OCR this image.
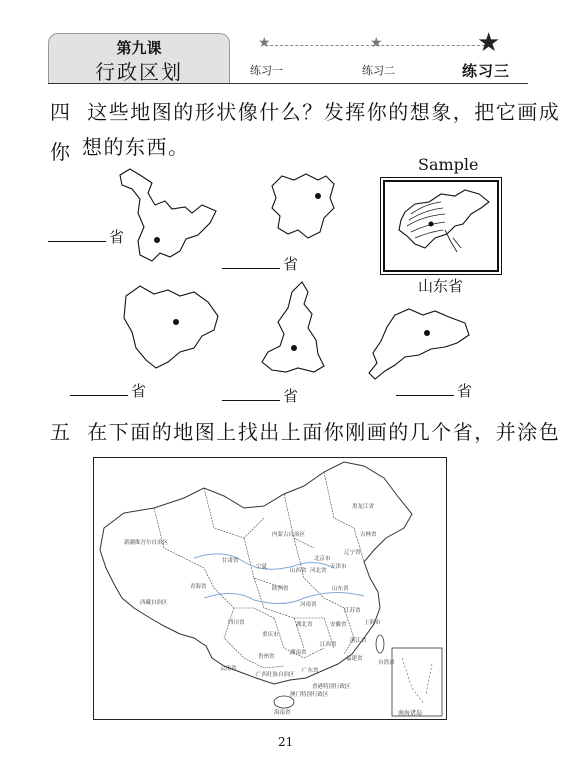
第九课
行政区划
★	★	★
练习一	练习二	练习三
四 这些地图的形状像什么？发挥你的想象，把它画成你 想的东西。
省
省
Sample
山东省
省	省	省
五 在下面的地图上找出上面你刚画的几个省，并涂色
黑龙江省
吉林省
辽宁省
内蒙古自治区
新疆维吾尔自治区
甘肃省
宁夏
青海省	陕西省
山西省 河北省
北京市
天津市
山东省
河南省
江苏省
西藏自治区
四川省
重庆市
湖北省	安徽省	上海市
浙江省
贵州省
湖南省
江西省
福建省
台湾省
云南省
广西壮族自治区
广东省
香港特别行政区
澳门特别行政区
海南省	南海诸岛
21
